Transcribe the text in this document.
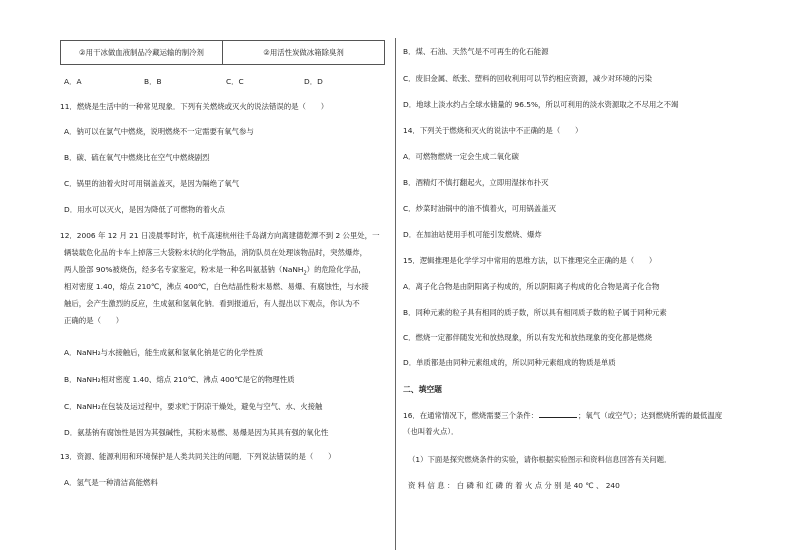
②用干冰做血液制品冷藏运输的制冷剂	②用活性炭做冰箱除臭剂
A．A	B．B	C．C	D．D
11．燃烧是生活中的一种常见现象．下列有关燃烧或灭火的说法错误的是（　　）
A．钠可以在氯气中燃烧，说明燃烧不一定需要有氧气参与
B．碳、硫在氧气中燃烧比在空气中燃烧剧烈
C．锅里的油着火时可用锅盖盖灭，是因为隔绝了氧气
D．用水可以灭火，是因为降低了可燃物的着火点
12．2006 年 12 月 21 日凌晨零时许，杭千高速杭州往千岛湖方向离建德乾潭不到 2 公里处，一
辆装载危化品的卡车上掉落三大袋粉末状的化学物品，消防队员在处理该物品时，突然爆炸，
两人脸部 90%被烧伤，经多名专家鉴定，粉末是一种名叫氨基钠（NaNH$_2$）的危险化学品，
相对密度 1.40，熔点 210℃，沸点 400℃，白色结晶性粉末易燃、易爆、有腐蚀性，与水接
触后，会产生激烈的反应，生成氨和氢氧化钠．看到报道后，有人提出以下观点，你认为不
正确的是（　　）
A．NaNH₂与水接触后，能生成氨和氢氧化钠是它的化学性质
B．NaNH₂相对密度 1.40、熔点 210℃、沸点 400℃是它的物理性质
C．NaNH₂在包装及运过程中，要求贮于阴凉干燥处，避免与空气、水、火接触
D．氨基钠有腐蚀性是因为其强碱性，其粉末易燃、易爆是因为其具有强的氧化性
13．资源、能源利用和环境保护是人类共同关注的问题．下列说法错误的是（　　）
A．氢气是一种清洁高能燃料
B．煤、石油、天然气是不可再生的化石能源
C．废旧金属、纸张、塑料的回收利用可以节约相应资源，减少对环境的污染
D．地球上淡水约占全球水储量的 96.5%，所以可利用的淡水资源取之不尽用之不竭
14．下列关于燃烧和灭火的说法中不正确的是（　　）
A．可燃物燃烧一定会生成二氧化碳
B．酒精灯不慎打翻起火，立即用湿抹布扑灭
C．炒菜时油锅中的油不慎着火，可用锅盖盖灭
D．在加油站使用手机可能引发燃烧、爆炸
15．逻辑推理是化学学习中常用的思维方法，以下推理完全正确的是（　　）
A．离子化合物是由阴阳离子构成的，所以阴阳离子构成的化合物是离子化合物
B．同种元素的粒子具有相同的质子数，所以具有相同质子数的粒子属于同种元素
C．燃烧一定都伴随发光和放热现象，所以有发光和放热现象的变化都是燃烧
D．单质都是由同种元素组成的，所以同种元素组成的物质是单质
二、填空题
16．在通常情况下，燃烧需要三个条件：	；氧气（或空气）；达到燃烧所需的最低温度
（也叫着火点）．
（1）下面是探究燃烧条件的实验，请你根据实验图示和资料信息回答有关问题．
资 料 信 息 ： 白 磷 和 红 磷 的 着 火 点 分 别 是 40 ℃ 、 240
